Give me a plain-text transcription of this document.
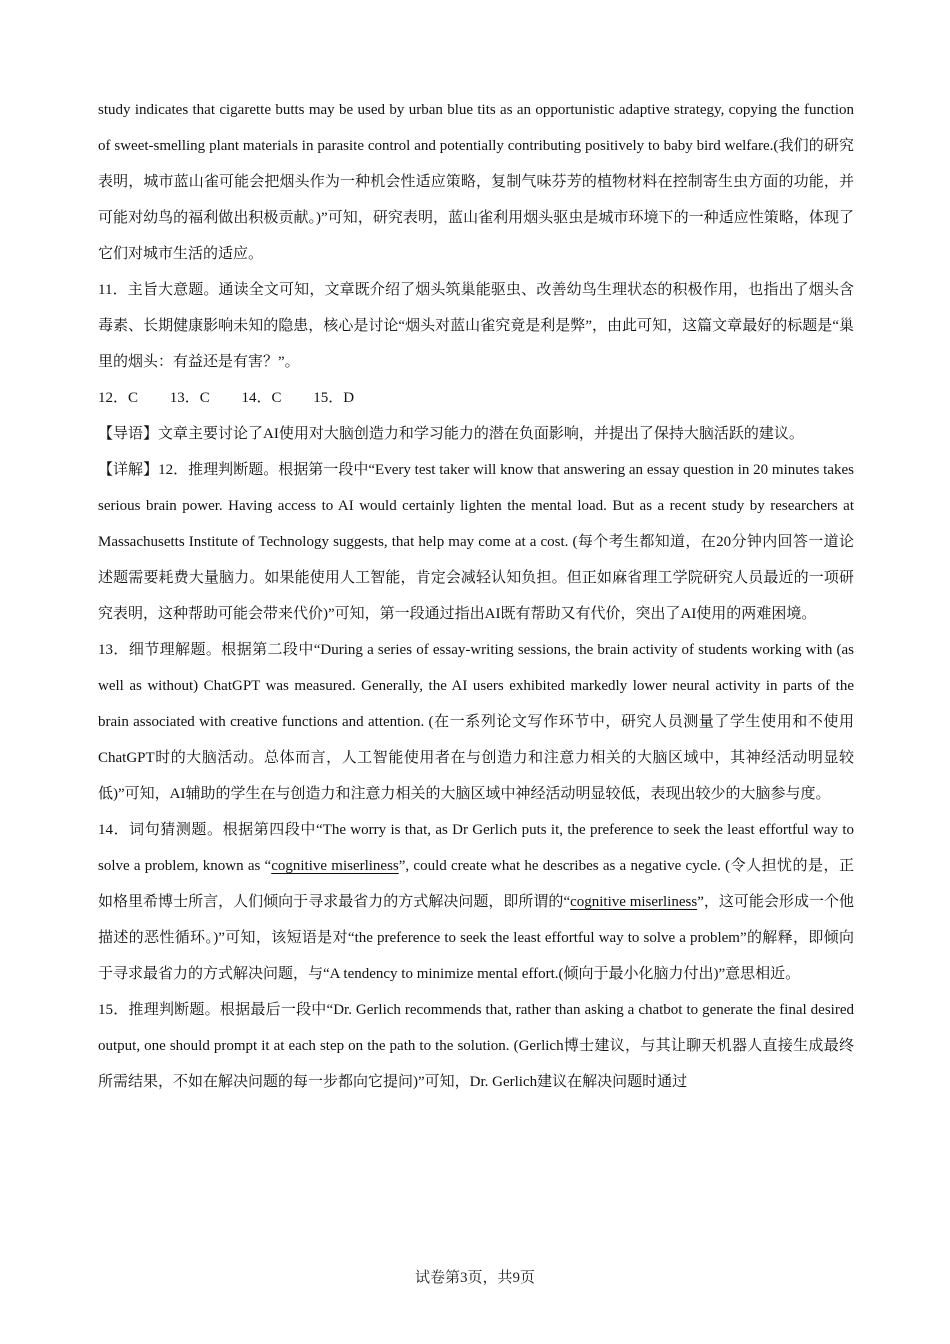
study indicates that cigarette butts may be used by urban blue tits as an opportunistic adaptive strategy, copying the function of sweet-smelling plant materials in parasite control and potentially contributing positively to baby bird welfare.(我们的研究表明，城市蓝山雀可能会把烟头作为一种机会性适应策略，复制气味芬芳的植物材料在控制寄生虫方面的功能，并可能对幼鸟的福利做出积极贡献。)”可知，研究表明，蓝山雀利用烟头驱虫是城市环境下的一种适应性策略，体现了它们对城市生活的适应。

11．主旨大意题。通读全文可知，文章既介绍了烟头筑巢能驱虫、改善幼鸟生理状态的积极作用，也指出了烟头含毒素、长期健康影响未知的隐患，核心是讨论“烟头对蓝山雀究竟是利是弊”，由此可知，这篇文章最好的标题是“巢里的烟头：有益还是有害？”。

12．C 13．C 14．C 15．D

【导语】文章主要讨论了AI使用对大脑创造力和学习能力的潜在负面影响，并提出了保持大脑活跃的建议。

【详解】12．推理判断题。根据第一段中“Every test taker will know that answering an essay question in 20 minutes takes serious brain power. Having access to AI would certainly lighten the mental load. But as a recent study by researchers at Massachusetts Institute of Technology suggests, that help may come at a cost. (每个考生都知道，在20分钟内回答一道论述题需要耗费大量脑力。如果能使用人工智能，肯定会减轻认知负担。但正如麻省理工学院研究人员最近的一项研究表明，这种帮助可能会带来代价)”可知，第一段通过指出AI既有帮助又有代价，突出了AI使用的两难困境。

13．细节理解题。根据第二段中“During a series of essay-writing sessions, the brain activity of students working with (as well as without) ChatGPT was measured. Generally, the AI users exhibited markedly lower neural activity in parts of the brain associated with creative functions and attention. (在一系列论文写作环节中，研究人员测量了学生使用和不使用ChatGPT时的大脑活动。总体而言，人工智能使用者在与创造力和注意力相关的大脑区域中，其神经活动明显较低)”可知，AI辅助的学生在与创造力和注意力相关的大脑区域中神经活动明显较低，表现出较少的大脑参与度。

14．词句猜测题。根据第四段中“The worry is that, as Dr Gerlich puts it, the preference to seek the least effortful way to solve a problem, known as “cognitive miserliness”, could create what he describes as a negative cycle. (令人担忧的是，正如格里希博士所言，人们倾向于寻求最省力的方式解决问题，即所谓的“cognitive miserliness”，这可能会形成一个他描述的恶性循环。)”可知，该短语是对“the preference to seek the least effortful way to solve a problem”的解释，即倾向于寻求最省力的方式解决问题，与“A tendency to minimize mental effort.(倾向于最小化脑力付出)”意思相近。

15．推理判断题。根据最后一段中“Dr. Gerlich recommends that, rather than asking a chatbot to generate the final desired output, one should prompt it at each step on the path to the solution. (Gerlich博士建议，与其让聊天机器人直接生成最终所需结果，不如在解决问题的每一步都向它提问)”可知，Dr. Gerlich建议在解决问题时通过

试卷第3页，共9页
